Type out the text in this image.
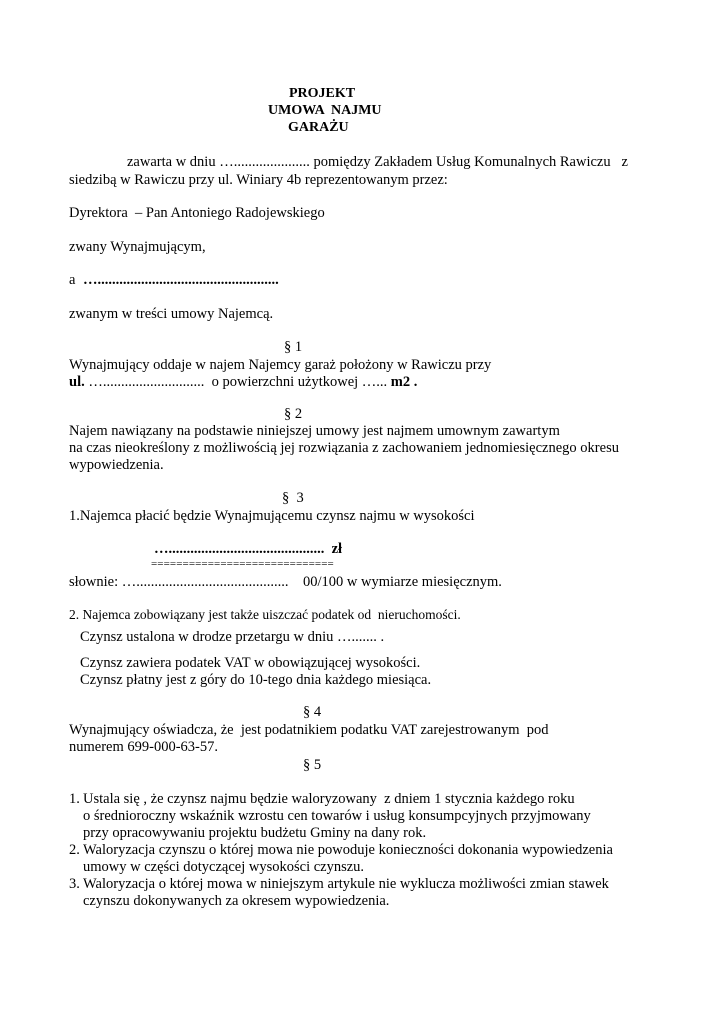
PROJEKT
UMOWA  NAJMU
GARAŻU
zawarta w dniu …..................... pomiędzy Zakładem Usług Komunalnych Rawiczu   z
siedzibą w Rawiczu przy ul. Winiary 4b reprezentowanym przez:
Dyrektora  – Pan Antoniego Radojewskiego
zwany Wynajmującym,
a …..................................................
zwanym w treści umowy Najemcą.
§ 1
Wynajmujący oddaje w najem Najemcy garaż położony w Rawiczu przy
ul. …............................  o powierzchni użytkowej …... m2 .
§ 2
Najem nawiązany na podstawie niniejszej umowy jest najmem umownym zawartym
na czas nieokreślony z możliwością jej rozwiązania z zachowaniem jednomiesięcznego okresu
wypowiedzenia.
§  3
1.Najemca płacić będzie Wynajmującemu czynsz najmu w wysokości
…...........................................  zł
=============================
słownie: …..........................................    00/100 w wymiarze miesięcznym.
2. Najemca zobowiązany jest także uiszczać podatek od  nieruchomości.
Czynsz ustalona w drodze przetargu w dniu …....... .
Czynsz zawiera podatek VAT w obowiązującej wysokości.
Czynsz płatny jest z góry do 10-tego dnia każdego miesiąca.
§ 4
Wynajmujący oświadcza, że  jest podatnikiem podatku VAT zarejestrowanym  pod
numerem 699-000-63-57.
§ 5
1. Ustala się , że czynsz najmu będzie waloryzowany  z dniem 1 stycznia każdego roku
o średnioroczny wskaźnik wzrostu cen towarów i usług konsumpcyjnych przyjmowany
przy opracowywaniu projektu budżetu Gminy na dany rok.
2. Waloryzacja czynszu o której mowa nie powoduje konieczności dokonania wypowiedzenia
umowy w części dotyczącej wysokości czynszu.
3. Waloryzacja o której mowa w niniejszym artykule nie wyklucza możliwości zmian stawek
czynszu dokonywanych za okresem wypowiedzenia.
